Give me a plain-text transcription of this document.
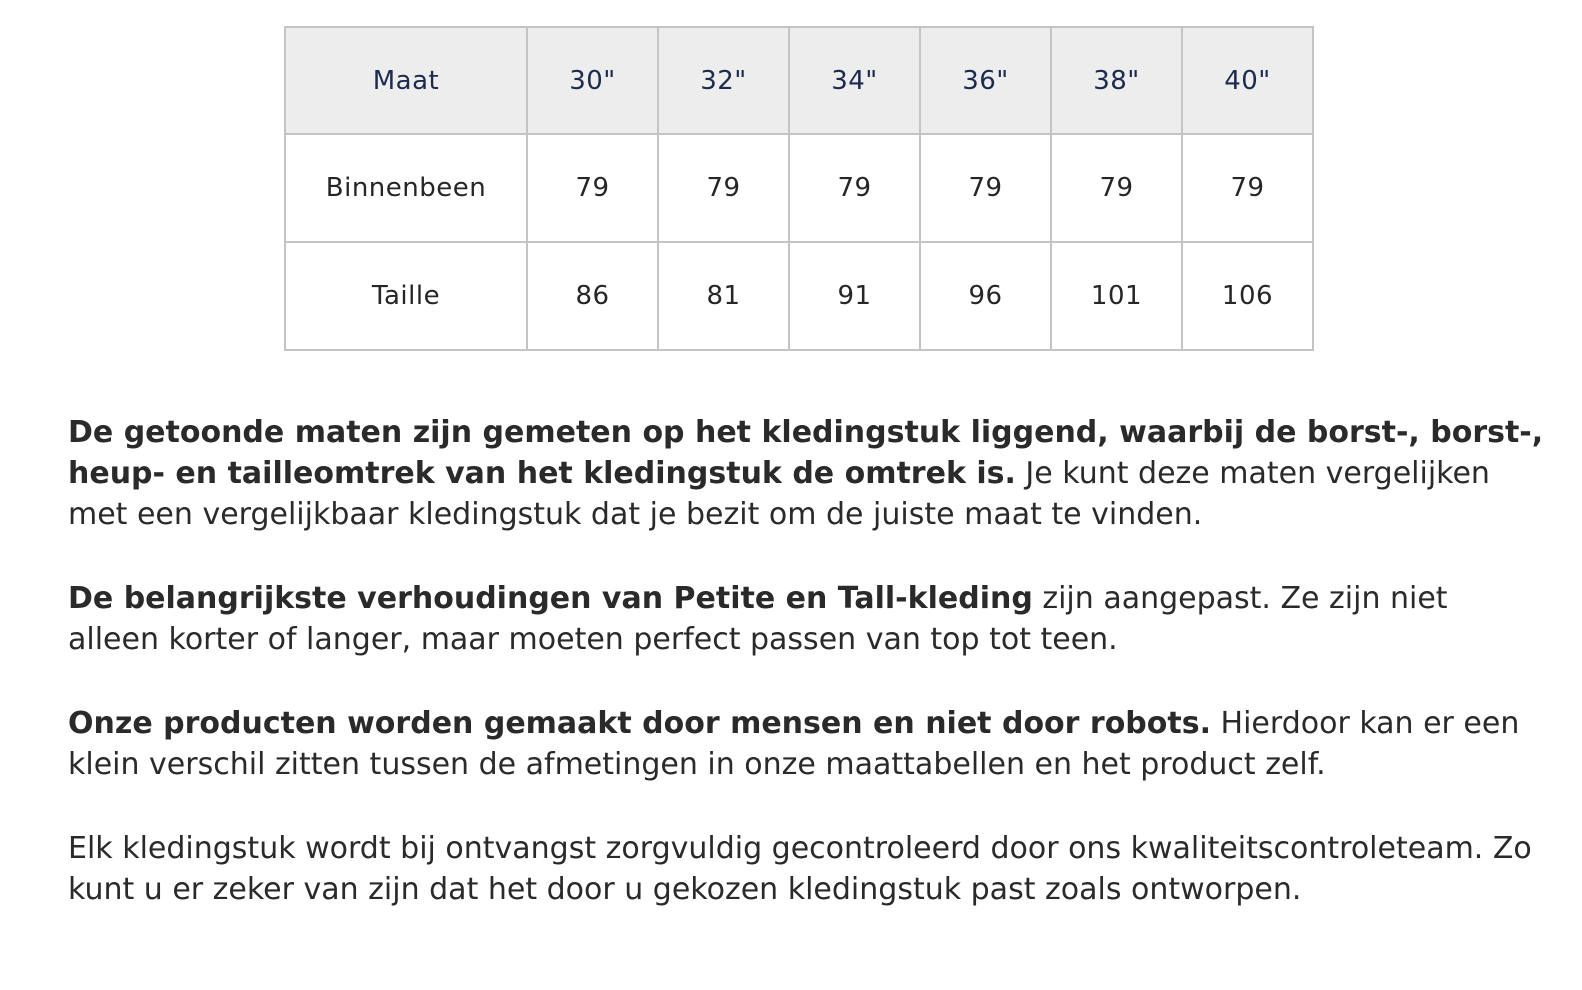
Maat	30"	32"	34"	36"	38"	40"
Binnenbeen	79	79	79	79	79	79
Taille	86	81	91	96	101	106

De getoonde maten zijn gemeten op het kledingstuk liggend, waarbij de borst-, borst-, heup- en tailleomtrek van het kledingstuk de omtrek is. Je kunt deze maten vergelijken met een vergelijkbaar kledingstuk dat je bezit om de juiste maat te vinden.

De belangrijkste verhoudingen van Petite en Tall-kleding zijn aangepast. Ze zijn niet alleen korter of langer, maar moeten perfect passen van top tot teen.

Onze producten worden gemaakt door mensen en niet door robots. Hierdoor kan er een klein verschil zitten tussen de afmetingen in onze maattabellen en het product zelf.

Elk kledingstuk wordt bij ontvangst zorgvuldig gecontroleerd door ons kwaliteitscontroleteam. Zo kunt u er zeker van zijn dat het door u gekozen kledingstuk past zoals ontworpen.
